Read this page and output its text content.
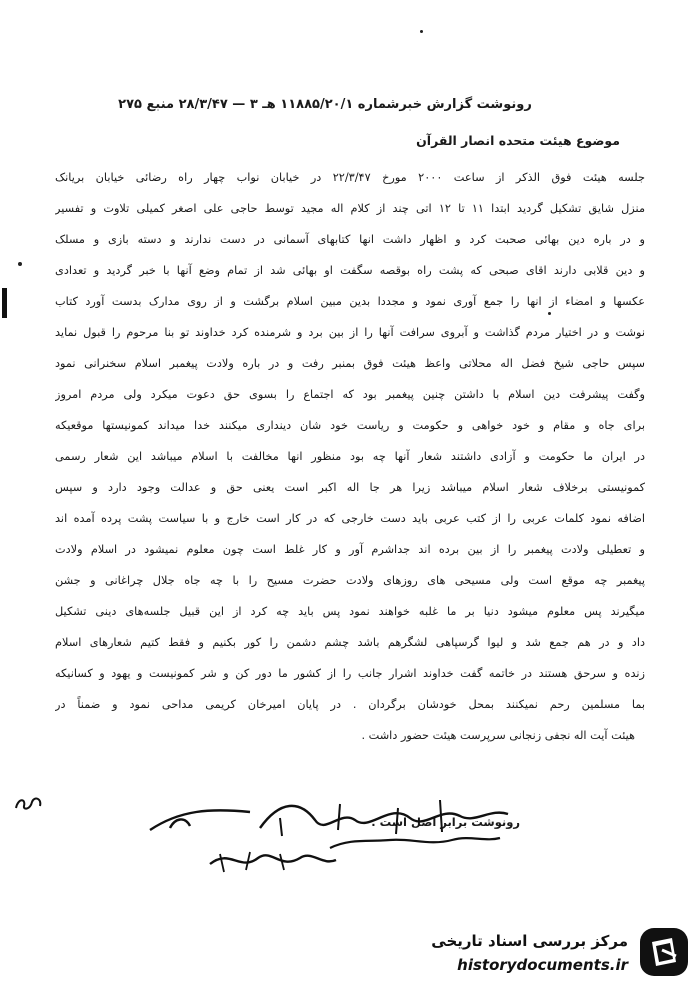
رونوشت گزارش خبرشماره ۱۱۸۸۵/۲۰/۱ هـ ۳ — ۲۸/۳/۴۷ منبع ۲۷۵
موضوع هیئت متحده انصار القرآن
جلسه هیئت فوق الذکر از ساعت ۲۰۰۰ مورخ ۲۲/۳/۴۷ در خیابان نواب چهار راه رضائی خیابان بریانک
منزل شایق تشکیل گردید ابتدا ۱۱ تا ۱۲ اتی چند از کلام اله مجید توسط حاجی علی اصغر کمیلی تلاوت و تفسیر
و در باره دین بهائی صحبت کرد و اظهار داشت انها کتابهای آسمانی در دست ندارند و دسته بازی و مسلک
و دین قلابی دارند اقای صبحی که پشت راه بوقصه سگفت او بهائی شد از تمام وضع آنها با خبر گردید و تعدادی
عکسها و امضاء از انها را جمع آوری نمود و مجددا بدین مبین اسلام برگشت و از روی مدارک بدست آورد کتاب
نوشت و در اختیار مردم گذاشت و آبروی سرافت آنها را از بین برد و شرمنده کرد خداوند تو بنا مرحوم را قبول نماید
سپس حاجی شیخ فضل اله محلاتی واعظ هیئت فوق بمنبر رفت و در باره ولادت پیغمبر اسلام سخنرانی نمود
وگفت پیشرفت دین اسلام با داشتن چنین پیغمبر بود که اجتماع را بسوی حق دعوت میکرد ولی مردم امروز
برای جاه و مقام و خود خواهی و حکومت و ریاست خود شان دینداری میکنند خدا میداند کمونیستها موقعیکه
در ایران ما حکومت و آزادی داشتند شعار آنها چه بود منظور انها مخالفت با اسلام میباشد این شعار رسمی
کمونیستی برخلاف شعار اسلام میباشد زیرا هر جا اله اکبر است یعنی حق و عدالت وجود دارد و سپس
اضافه نمود کلمات عربی را از کتب عربی باید دست خارجی که در کار است خارج و با سیاست پشت پرده آمده اند
و تعطیلی ولادت پیغمبر را از بین برده اند جداشرم آور و کار غلط است چون معلوم نمیشود در اسلام ولادت
پیغمبر چه موقع است ولی مسیحی های روزهای ولادت حضرت مسیح را با چه جاه جلال چراغانی و جشن
میگیرند پس معلوم میشود دنیا بر ما غلبه خواهند نمود پس باید چه کرد از این قبیل جلسه‌های دینی تشکیل
داد و در هم جمع شد و لیوا گرسپاهی لشگرهم باشد چشم دشمن را کور بکنیم و فقط کتیم شعارهای اسلام
زنده و سرحق هستند در خاتمه گفت خداوند اشرار جانب را از کشور ما دور کن و شر کمونیست و یهود و کسانیکه
بما مسلمین رحم نمیکنند بمحل خودشان برگردان . در پایان امیرخان کریمی مداحی نمود و ضمناً در
هیئت آیت اله نجفی زنجانی سرپرست هیئت حضور داشت .
رونوشت برابر اصل است .
مرکز بررسی اسناد تاریخی
historydocuments.ir
